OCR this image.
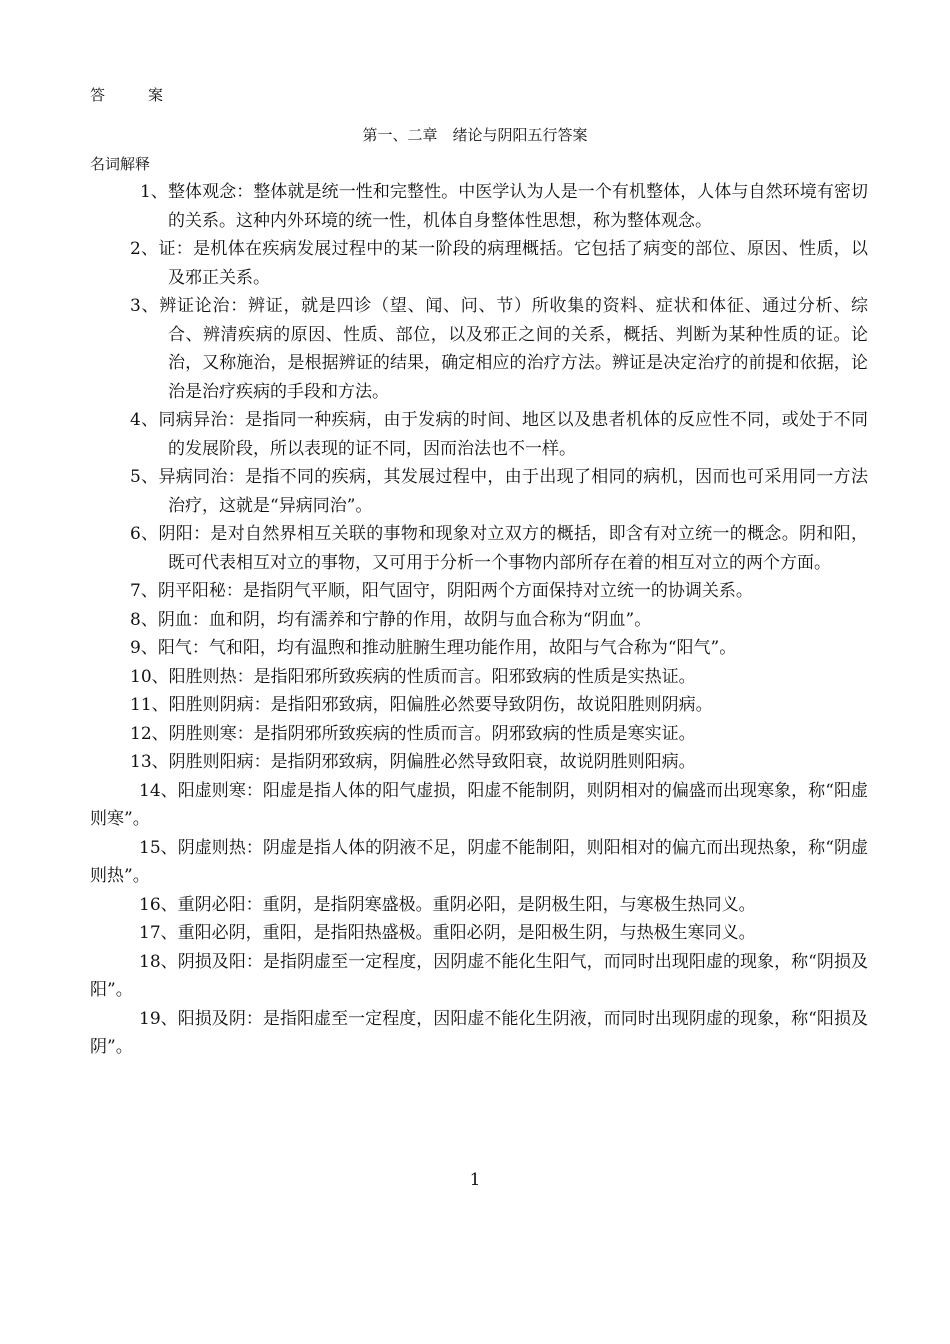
答　案
第一、二章　绪论与阴阳五行答案
名词解释

1、整体观念：整体就是统一性和完整性。中医学认为人是一个有机整体，人体与自然环境有密切的关系。这种内外环境的统一性，机体自身整体性思想，称为整体观念。

2、证：是机体在疾病发展过程中的某一阶段的病理概括。它包括了病变的部位、原因、性质，以及邪正关系。

3、辨证论治：辨证，就是四诊（望、闻、问、节）所收集的资料、症状和体征、通过分析、综合、辨清疾病的原因、性质、部位，以及邪正之间的关系，概括、判断为某种性质的证。论治，又称施治，是根据辨证的结果，确定相应的治疗方法。辨证是决定治疗的前提和依据，论治是治疗疾病的手段和方法。

4、同病异治：是指同一种疾病，由于发病的时间、地区以及患者机体的反应性不同，或处于不同的发展阶段，所以表现的证不同，因而治法也不一样。

5、异病同治：是指不同的疾病，其发展过程中，由于出现了相同的病机，因而也可采用同一方法治疗，这就是“异病同治”。

6、阴阳：是对自然界相互关联的事物和现象对立双方的概括，即含有对立统一的概念。阴和阳，既可代表相互对立的事物，又可用于分析一个事物内部所存在着的相互对立的两个方面。

7、阴平阳秘：是指阴气平顺，阳气固守，阴阳两个方面保持对立统一的协调关系。

8、阴血：血和阴，均有濡养和宁静的作用，故阴与血合称为“阴血”。

9、阳气：气和阳，均有温煦和推动脏腑生理功能作用，故阳与气合称为“阳气”。

10、阳胜则热：是指阳邪所致疾病的性质而言。阳邪致病的性质是实热证。

11、阳胜则阴病：是指阳邪致病，阳偏胜必然要导致阴伤，故说阳胜则阴病。

12、阴胜则寒：是指阴邪所致疾病的性质而言。阴邪致病的性质是寒实证。

13、阴胜则阳病：是指阴邪致病，阴偏胜必然导致阳衰，故说阴胜则阳病。

14、阳虚则寒：阳虚是指人体的阳气虚损，阳虚不能制阴，则阴相对的偏盛而出现寒象，称“阳虚则寒”。

15、阴虚则热：阴虚是指人体的阴液不足，阴虚不能制阳，则阳相对的偏亢而出现热象，称“阴虚则热”。

16、重阴必阳：重阴，是指阴寒盛极。重阴必阳，是阴极生阳，与寒极生热同义。

17、重阳必阴，重阳，是指阳热盛极。重阳必阴，是阳极生阴，与热极生寒同义。

18、阴损及阳：是指阴虚至一定程度，因阴虚不能化生阳气，而同时出现阳虚的现象，称“阴损及阳”。

19、阳损及阴：是指阳虚至一定程度，因阳虚不能化生阴液，而同时出现阴虚的现象，称“阳损及阴”。

1
